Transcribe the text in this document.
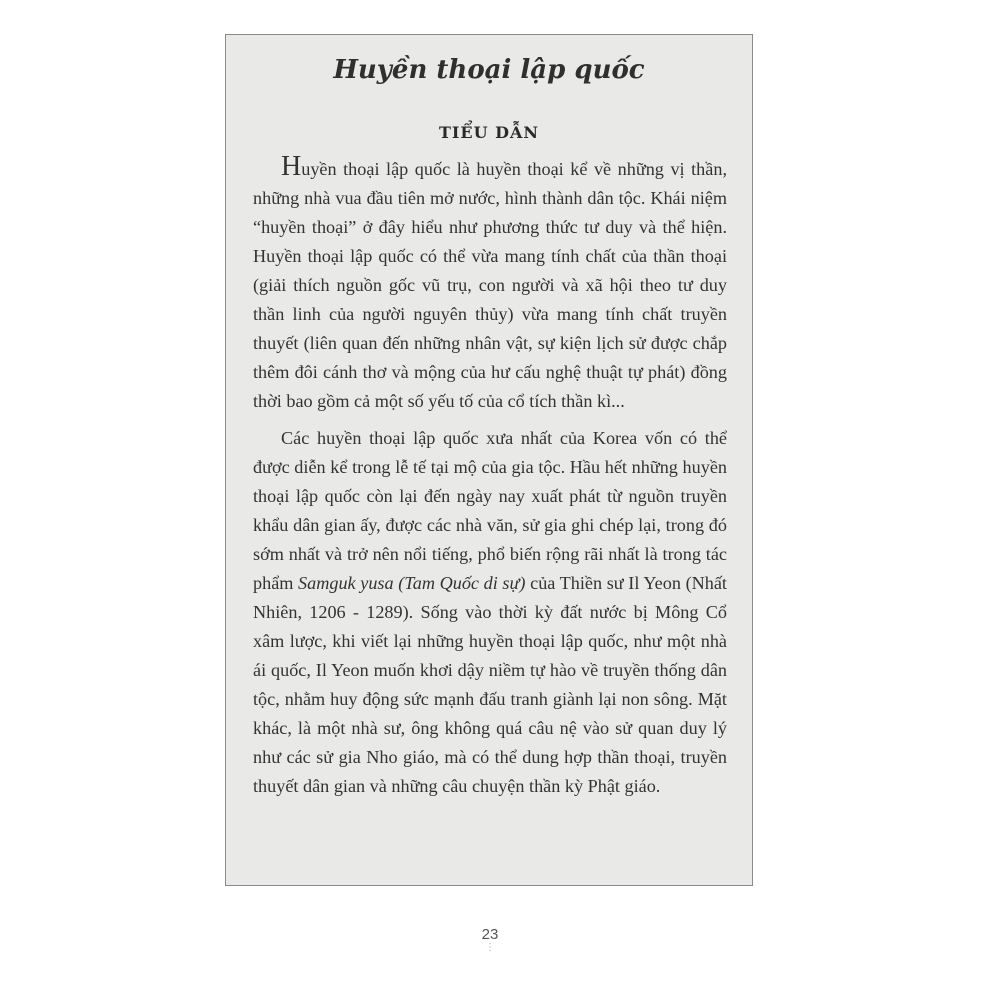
Huyền thoại lập quốc
TIỂU DẪN

Huyền thoại lập quốc là huyền thoại kể về những vị thần, những nhà vua đầu tiên mở nước, hình thành dân tộc. Khái niệm “huyền thoại” ở đây hiểu như phương thức tư duy và thể hiện. Huyền thoại lập quốc có thể vừa mang tính chất của thần thoại (giải thích nguồn gốc vũ trụ, con người và xã hội theo tư duy thần linh của người nguyên thủy) vừa mang tính chất truyền thuyết (liên quan đến những nhân vật, sự kiện lịch sử được chắp thêm đôi cánh thơ và mộng của hư cấu nghệ thuật tự phát) đồng thời bao gồm cả một số yếu tố của cổ tích thần kì...

Các huyền thoại lập quốc xưa nhất của Korea vốn có thể được diễn kể trong lễ tế tại mộ của gia tộc. Hầu hết những huyền thoại lập quốc còn lại đến ngày nay xuất phát từ nguồn truyền khẩu dân gian ấy, được các nhà văn, sử gia ghi chép lại, trong đó sớm nhất và trở nên nổi tiếng, phổ biến rộng rãi nhất là trong tác phẩm Samguk yusa (Tam Quốc di sự) của Thiền sư Il Yeon (Nhất Nhiên, 1206 - 1289). Sống vào thời kỳ đất nước bị Mông Cổ xâm lược, khi viết lại những huyền thoại lập quốc, như một nhà ái quốc, Il Yeon muốn khơi dậy niềm tự hào về truyền thống dân tộc, nhằm huy động sức mạnh đấu tranh giành lại non sông. Mặt khác, là một nhà sư, ông không quá câu nệ vào sử quan duy lý như các sử gia Nho giáo, mà có thể dung hợp thần thoại, truyền thuyết dân gian và những câu chuyện thần kỳ Phật giáo.

23
⋮
